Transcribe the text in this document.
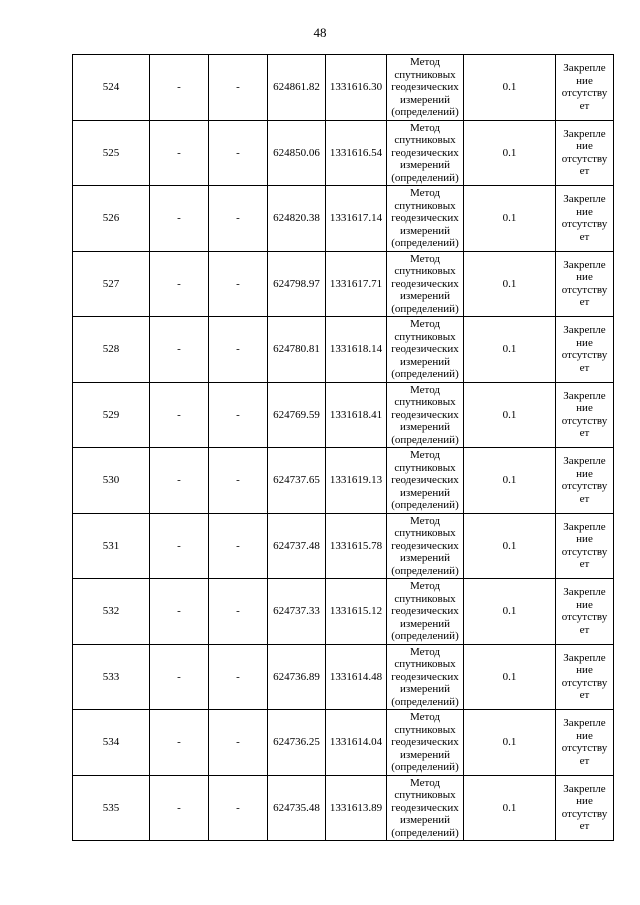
48
524	-	-	624861.82	1331616.30	Метод
спутниковых
геодезических
измерений
(определений)	0.1	Закрепле
ние
отсутству
ет

525	-	-	624850.06	1331616.54	Метод
спутниковых
геодезических
измерений
(определений)	0.1	Закрепле
ние
отсутству
ет

526	-	-	624820.38	1331617.14	Метод
спутниковых
геодезических
измерений
(определений)	0.1	Закрепле
ние
отсутству
ет

527	-	-	624798.97	1331617.71	Метод
спутниковых
геодезических
измерений
(определений)	0.1	Закрепле
ние
отсутству
ет

528	-	-	624780.81	1331618.14	Метод
спутниковых
геодезических
измерений
(определений)	0.1	Закрепле
ние
отсутству
ет

529	-	-	624769.59	1331618.41	Метод
спутниковых
геодезических
измерений
(определений)	0.1	Закрепле
ние
отсутству
ет

530	-	-	624737.65	1331619.13	Метод
спутниковых
геодезических
измерений
(определений)	0.1	Закрепле
ние
отсутству
ет

531	-	-	624737.48	1331615.78	Метод
спутниковых
геодезических
измерений
(определений)	0.1	Закрепле
ние
отсутству
ет

532	-	-	624737.33	1331615.12	Метод
спутниковых
геодезических
измерений
(определений)	0.1	Закрепле
ние
отсутству
ет

533	-	-	624736.89	1331614.48	Метод
спутниковых
геодезических
измерений
(определений)	0.1	Закрепле
ние
отсутству
ет

534	-	-	624736.25	1331614.04	Метод
спутниковых
геодезических
измерений
(определений)	0.1	Закрепле
ние
отсутству
ет

535	-	-	624735.48	1331613.89	Метод
спутниковых
геодезических
измерений
(определений)	0.1	Закрепле
ние
отсутству
ет
